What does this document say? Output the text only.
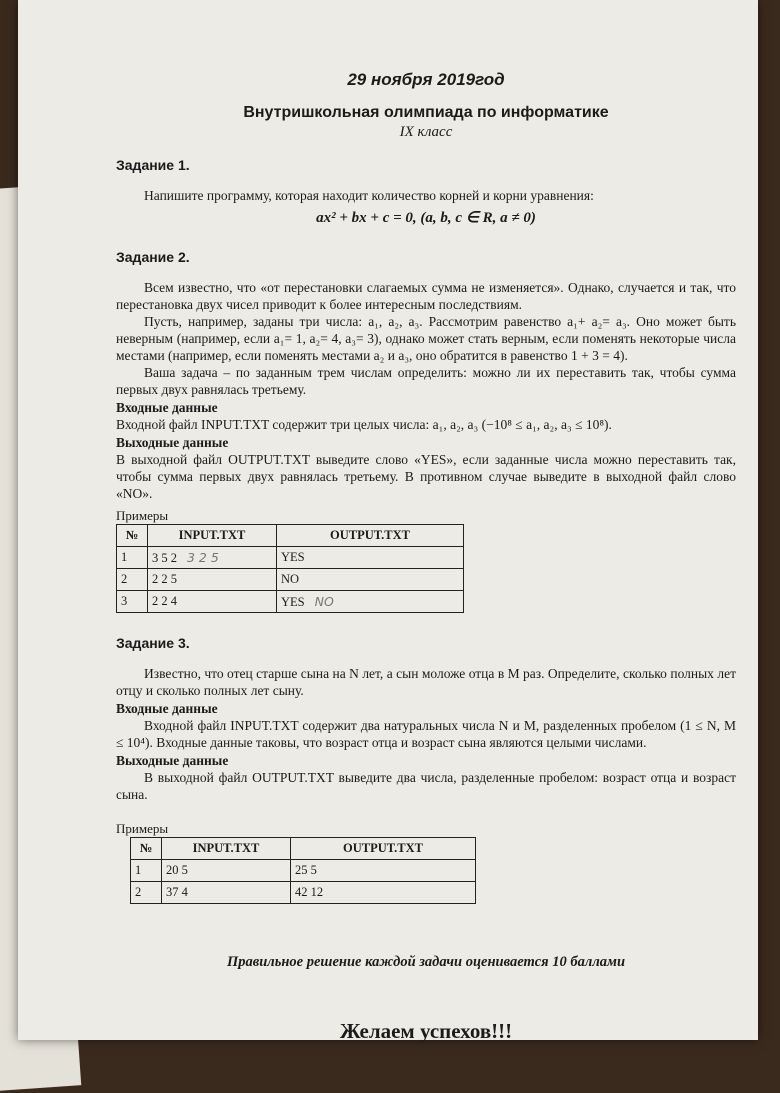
29 ноября 2019год
Внутришкольная олимпиада по информатике
IX класс
Задание 1.

Напишите программу, которая находит количество корней и корни уравнения:

ax² + bx + c = 0, (a, b, c ∈ R, a ≠ 0)
Задание 2.

Всем известно, что «от перестановки слагаемых сумма не изменяется». Однако, случается и так, что перестановка двух чисел приводит к более интересным последствиям.

Пусть, например, заданы три числа: a₁, a₂, a₃. Рассмотрим равенство a₁+ a₂= a₃. Оно может быть неверным (например, если a₁= 1, a₂= 4, a₃= 3), однако может стать верным, если поменять некоторые числа местами (например, если поменять местами a₂ и a₃, оно обратится в равенство 1 + 3 = 4).

Ваша задача – по заданным трем числам определить: можно ли их переставить так, чтобы сумма первых двух равнялась третьему.

Входные данные

Входной файл INPUT.TXT содержит три целых числа: a₁, a₂, a₃ (−10⁸ ≤ a₁, a₂, a₃ ≤ 10⁸).

Выходные данные

В выходной файл OUTPUT.TXT выведите слово «YES», если заданные числа можно переставить так, чтобы сумма первых двух равнялась третьему. В противном случае выведите в выходной файл слово «NO».

Примеры
№	INPUT.TXT	OUTPUT.TXT
1	3 5 2 3 2 5	YES
2	2 2 5	NO
3	2 2 4	YES NO
Задание 3.

Известно, что отец старше сына на N лет, а сын моложе отца в M раз. Определите, сколько полных лет отцу и сколько полных лет сыну.

Входные данные

Входной файл INPUT.TXT содержит два натуральных числа N и M, разделенных пробелом (1 ≤ N, M ≤ 10⁴). Входные данные таковы, что возраст отца и возраст сына являются целыми числами.

Выходные данные

В выходной файл OUTPUT.TXT выведите два числа, разделенные пробелом: возраст отца и возраст сына.

Примеры
№	INPUT.TXT	OUTPUT.TXT
1	20 5	25 5
2	37 4	42 12
Правильное решение каждой задачи оценивается 10 баллами
Желаем успехов!!!
